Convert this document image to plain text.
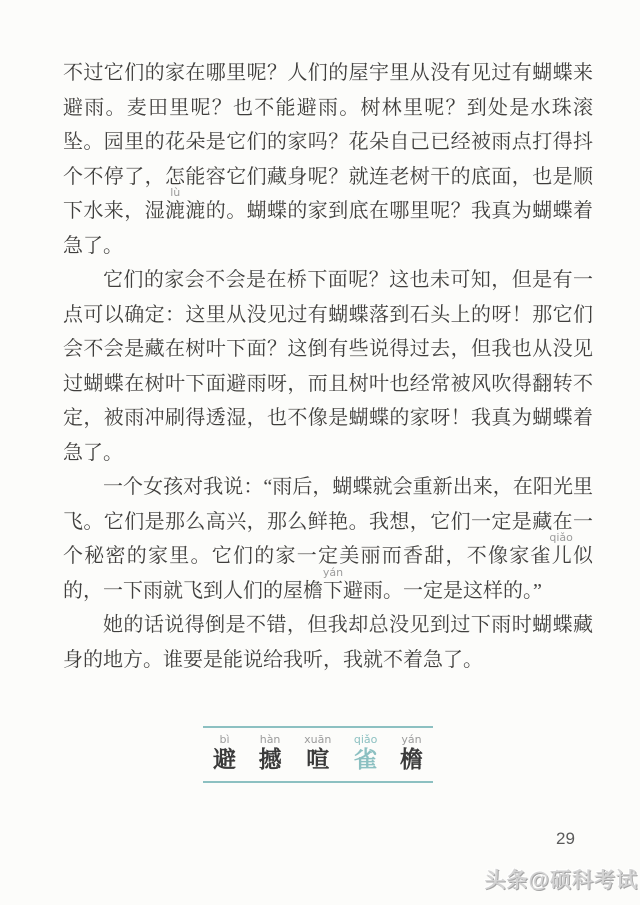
不过它们的家在哪里呢？人们的屋宇里从没有见过有蝴蝶来避雨。麦田里呢？也不能避雨。树林里呢？到处是水珠滚坠。园里的花朵是它们的家吗？花朵自己已经被雨点打得抖个不停了，怎能容它们藏身呢？就连老树干的底面，也是顺下水来，湿漉
lù
漉的。蝴蝶的家到底在哪里呢？我真为蝴蝶着急了。

它们的家会不会是在桥下面呢？这也未可知，但是有一点可以确定：这里从没见过有蝴蝶落到石头上的呀！那它们会不会是藏在树叶下面？这倒有些说得过去，但我也从没见过蝴蝶在树叶下面避雨呀，而且树叶也经常被风吹得翻转不定，被雨冲刷得透湿，也不像是蝴蝶的家呀！我真为蝴蝶着急了。

一个女孩对我说：“雨后，蝴蝶就会重新出来，在阳光里飞。它们是那么高兴，那么鲜艳。我想，它们一定是藏在一个秘密的家里。它们的家一定美丽而香甜，不像家雀
qiǎo
儿似的，一下雨就飞到人们的屋檐
yán
下避雨。一定是这样的。”

她的话说得倒是不错，但我却总没见到过下雨时蝴蝶藏身的地方。谁要是能说给我听，我就不着急了。

bì
避
hàn
撼
xuān
喧
qiǎo
雀
yán
檐
29
头条@硕科考试
